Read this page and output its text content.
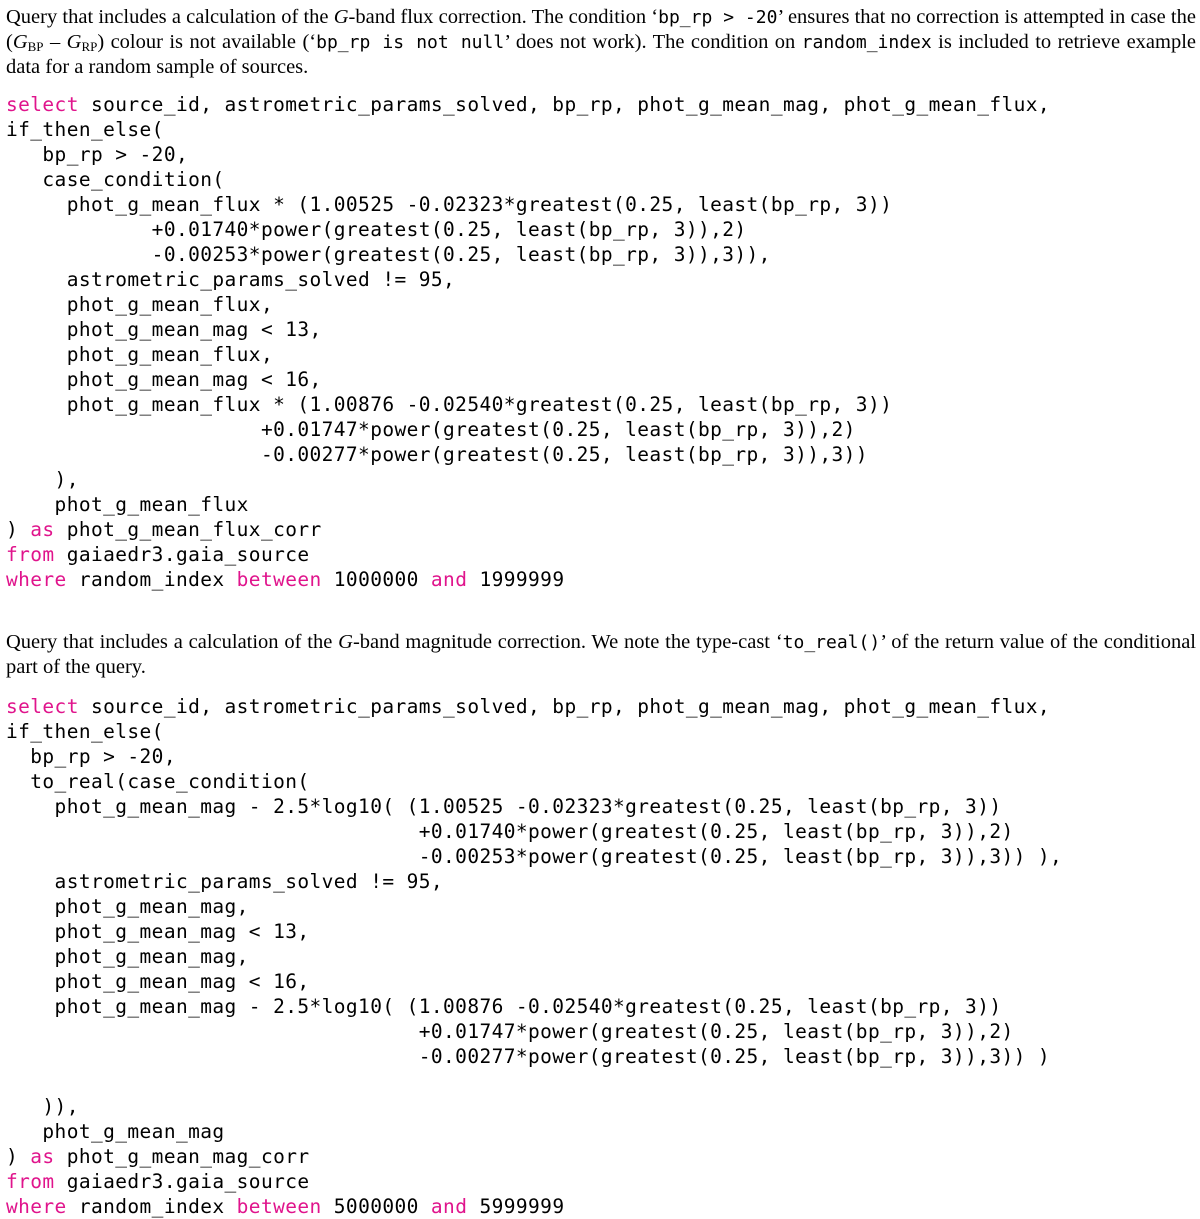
Query that includes a calculation of the G-band flux correction. The condition ‘bp_rp > -20’ ensures that no correction is attempted in case the $(G_{BP} - G_{RP})$ colour is not available (‘bp_rp is not null’ does not work). The condition on random_index is included to retrieve example data for a random sample of sources.

select source_id, astrometric_params_solved, bp_rp, phot_g_mean_mag, phot_g_mean_flux,
if_then_else(
bp_rp > -20,
case_condition(
phot_g_mean_flux * (1.00525 -0.02323*greatest(0.25, least(bp_rp, 3))
+0.01740*power(greatest(0.25, least(bp_rp, 3)),2)
-0.00253*power(greatest(0.25, least(bp_rp, 3)),3)),
astrometric_params_solved != 95,
phot_g_mean_flux,
phot_g_mean_mag < 13,
phot_g_mean_flux,
phot_g_mean_mag < 16,
phot_g_mean_flux * (1.00876 -0.02540*greatest(0.25, least(bp_rp, 3))
+0.01747*power(greatest(0.25, least(bp_rp, 3)),2)
-0.00277*power(greatest(0.25, least(bp_rp, 3)),3))
),
phot_g_mean_flux
) as phot_g_mean_flux_corr
from gaiaedr3.gaia_source
where random_index between 1000000 and 1999999

Query that includes a calculation of the G-band magnitude correction. We note the type-cast ‘to_real()’ of the return value of the conditional part of the query.

select source_id, astrometric_params_solved, bp_rp, phot_g_mean_mag, phot_g_mean_flux,
if_then_else(
bp_rp > -20,
to_real(case_condition(
phot_g_mean_mag - 2.5*log10( (1.00525 -0.02323*greatest(0.25, least(bp_rp, 3))
+0.01740*power(greatest(0.25, least(bp_rp, 3)),2)
-0.00253*power(greatest(0.25, least(bp_rp, 3)),3)) ),
astrometric_params_solved != 95,
phot_g_mean_mag,
phot_g_mean_mag < 13,
phot_g_mean_mag,
phot_g_mean_mag < 16,
phot_g_mean_mag - 2.5*log10( (1.00876 -0.02540*greatest(0.25, least(bp_rp, 3))
+0.01747*power(greatest(0.25, least(bp_rp, 3)),2)
-0.00277*power(greatest(0.25, least(bp_rp, 3)),3)) )
)),
phot_g_mean_mag
) as phot_g_mean_mag_corr
from gaiaedr3.gaia_source
where random_index between 5000000 and 5999999
